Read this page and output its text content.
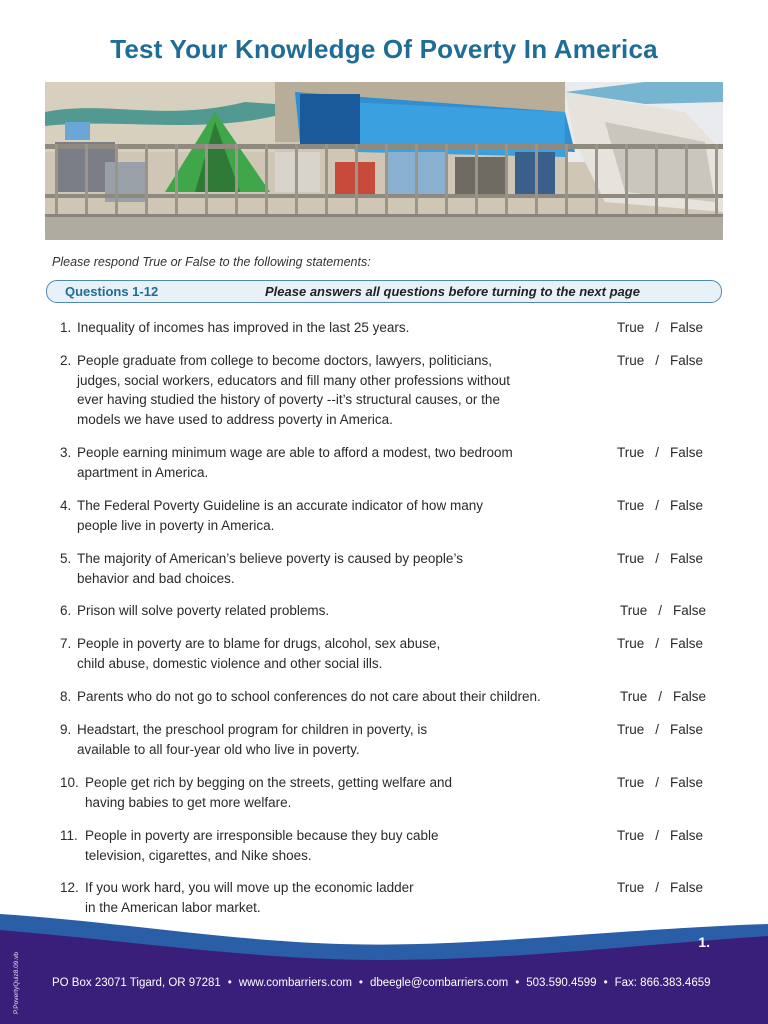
Test Your Knowledge Of Poverty In America
Please respond True or False to the following statements:
Questions 1-12	Please answers all questions before turning to the next page
1. Inequality of incomes has improved in the last 25 years.	True / False
2. People graduate from college to become doctors, lawyers, politicians,
judges, social workers, educators and fill many other professions without
ever having studied the history of poverty --it’s structural causes, or the
models we have used to address poverty in America.
True / False
3. People earning minimum wage are able to afford a modest, two bedroom
apartment in America.
True / False
4. The Federal Poverty Guideline is an accurate indicator of how many
people live in poverty in America.
True / False
5. The majority of American’s believe poverty is caused by people’s
behavior and bad choices.
True / False
6. Prison will solve poverty related problems.	True / False
7. People in poverty are to blame for drugs, alcohol, sex abuse,
child abuse, domestic violence and other social ills.
True / False
8. Parents who do not go to school conferences do not care about their children.	True / False
9. Headstart, the preschool program for children in poverty, is
available to all four-year old who live in poverty.
True / False
10. People get rich by begging on the streets, getting welfare and
having babies to get more welfare.
True / False
11. People in poverty are irresponsible because they buy cable
television, cigarettes, and Nike shoes.
True / False
12. If you work hard, you will move up the economic ladder
in the American labor market.
True / False
1.
PO Box 23071 Tigard, OR 97281 • www.combarriers.com • dbeegle@combarriers.com • 503.590.4599 • Fax: 866.383.4659
P.PovertyQuiz8.09.vb
